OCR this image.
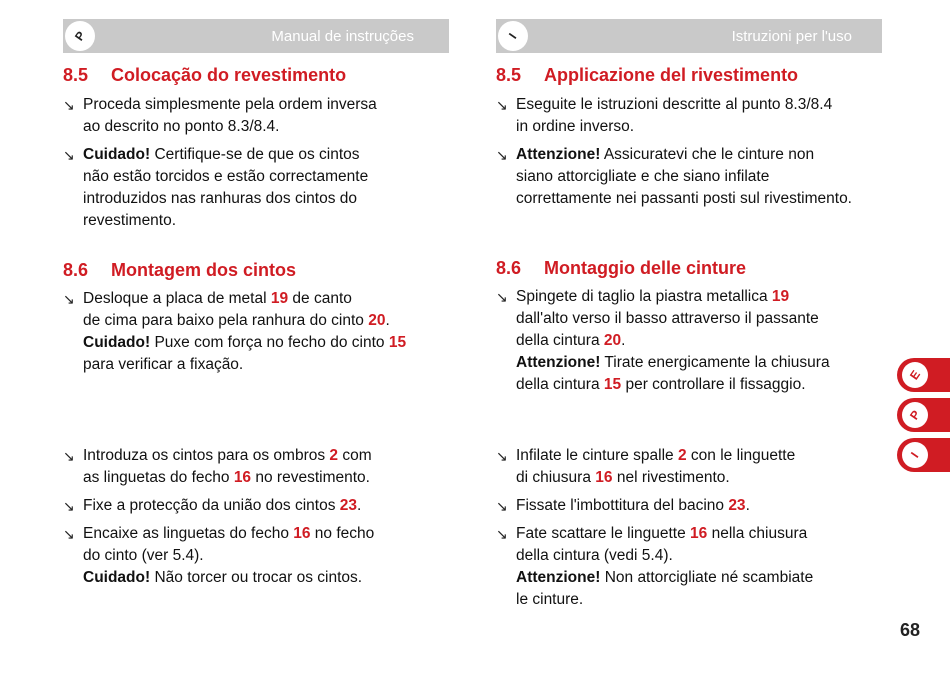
P	Manual de instruções
8.5 Colocação do revestimento
↘ Proceda simplesmente pela ordem inversa
ao descrito no ponto 8.3/8.4.

↘ Cuidado! Certifique-se de que os cintos
não estão torcidos e estão correctamente
introduzidos nas ranhuras dos cintos do
revestimento.

8.6 Montagem dos cintos
↘ Desloque a placa de metal 19 de canto
de cima para baixo pela ranhura do cinto 20.
Cuidado! Puxe com força no fecho do cinto 15
para verificar a fixação.

↘ Introduza os cintos para os ombros 2 com
as linguetas do fecho 16 no revestimento.

↘ Fixe a protecção da união dos cintos 23.

↘ Encaixe as linguetas do fecho 16 no fecho
do cinto (ver 5.4).
Cuidado! Não torcer ou trocar os cintos.

I	Istruzioni per l'uso
8.5 Applicazione del rivestimento
↘ Eseguite le istruzioni descritte al punto 8.3/8.4
in ordine inverso.

↘ Attenzione! Assicuratevi che le cinture non
siano attorcigliate e che siano infilate
correttamente nei passanti posti sul rivestimento.

8.6 Montaggio delle cinture
↘ Spingete di taglio la piastra metallica 19
dall'alto verso il basso attraverso il passante
della cintura 20.
Attenzione! Tirate energicamente la chiusura
della cintura 15 per controllare il fissaggio.

↘ Infilate le cinture spalle 2 con le linguette
di chiusura 16 nel rivestimento.

↘ Fissate l'imbottitura del bacino 23.

↘ Fate scattare le linguette 16 nella chiusura
della cintura (vedi 5.4).
Attenzione! Non attorcigliate né scambiate
le cinture.

E
P
I
68
